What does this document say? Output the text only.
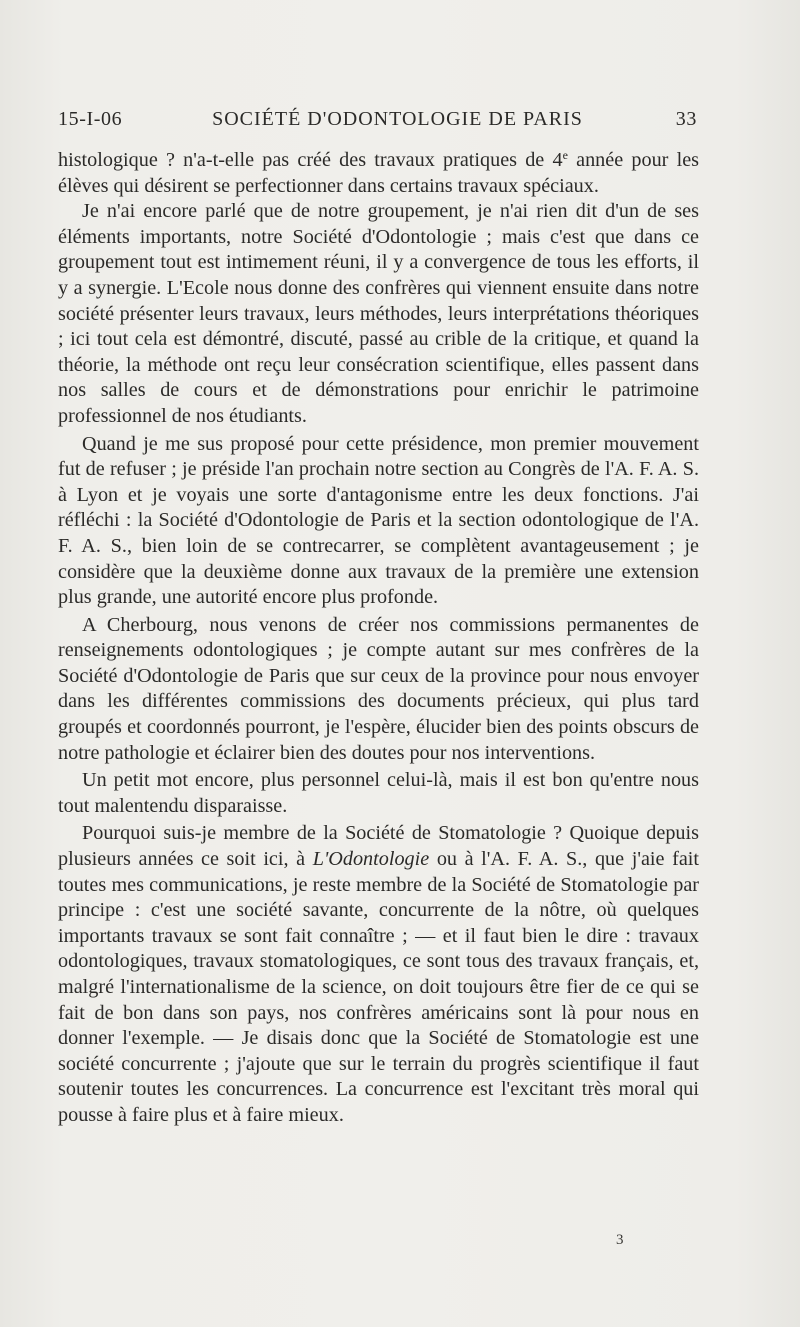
15-I-06	SOCIÉTÉ D'ODONTOLOGIE DE PARIS	33

histologique ? n'a-t-elle pas créé des travaux pratiques de 4e année pour les élèves qui désirent se perfectionner dans certains travaux spéciaux.

Je n'ai encore parlé que de notre groupement, je n'ai rien dit d'un de ses éléments importants, notre Société d'Odontologie ; mais c'est que dans ce groupement tout est intimement réuni, il y a convergence de tous les efforts, il y a synergie. L'Ecole nous donne des confrères qui viennent ensuite dans notre société présenter leurs travaux, leurs méthodes, leurs interprétations théoriques ; ici tout cela est démontré, discuté, passé au crible de la critique, et quand la théorie, la méthode ont reçu leur consécration scientifique, elles passent dans nos salles de cours et de démonstrations pour enrichir le patrimoine professionnel de nos étudiants.

Quand je me sus proposé pour cette présidence, mon premier mouvement fut de refuser ; je préside l'an prochain notre section au Congrès de l'A. F. A. S. à Lyon et je voyais une sorte d'antagonisme entre les deux fonctions. J'ai réfléchi : la Société d'Odontologie de Paris et la section odontologique de l'A. F. A. S., bien loin de se contrecarrer, se complètent avantageusement ; je considère que la deuxième donne aux travaux de la première une extension plus grande, une autorité encore plus profonde.

A Cherbourg, nous venons de créer nos commissions permanentes de renseignements odontologiques ; je compte autant sur mes confrères de la Société d'Odontologie de Paris que sur ceux de la province pour nous envoyer dans les différentes commissions des documents précieux, qui plus tard groupés et coordonnés pourront, je l'espère, élucider bien des points obscurs de notre pathologie et éclairer bien des doutes pour nos interventions.

Un petit mot encore, plus personnel celui-là, mais il est bon qu'entre nous tout malentendu disparaisse.

Pourquoi suis-je membre de la Société de Stomatologie ? Quoique depuis plusieurs années ce soit ici, à L'Odontologie ou à l'A. F. A. S., que j'aie fait toutes mes communications, je reste membre de la Société de Stomatologie par principe : c'est une société savante, concurrente de la nôtre, où quelques importants travaux se sont fait connaître ; — et il faut bien le dire : travaux odontologiques, travaux stomatologiques, ce sont tous des travaux français, et, malgré l'internationalisme de la science, on doit toujours être fier de ce qui se fait de bon dans son pays, nos confrères américains sont là pour nous en donner l'exemple. — Je disais donc que la Société de Stomatologie est une société concurrente ; j'ajoute que sur le terrain du progrès scientifique il faut soutenir toutes les concurrences. La concurrence est l'excitant très moral qui pousse à faire plus et à faire mieux.

3
